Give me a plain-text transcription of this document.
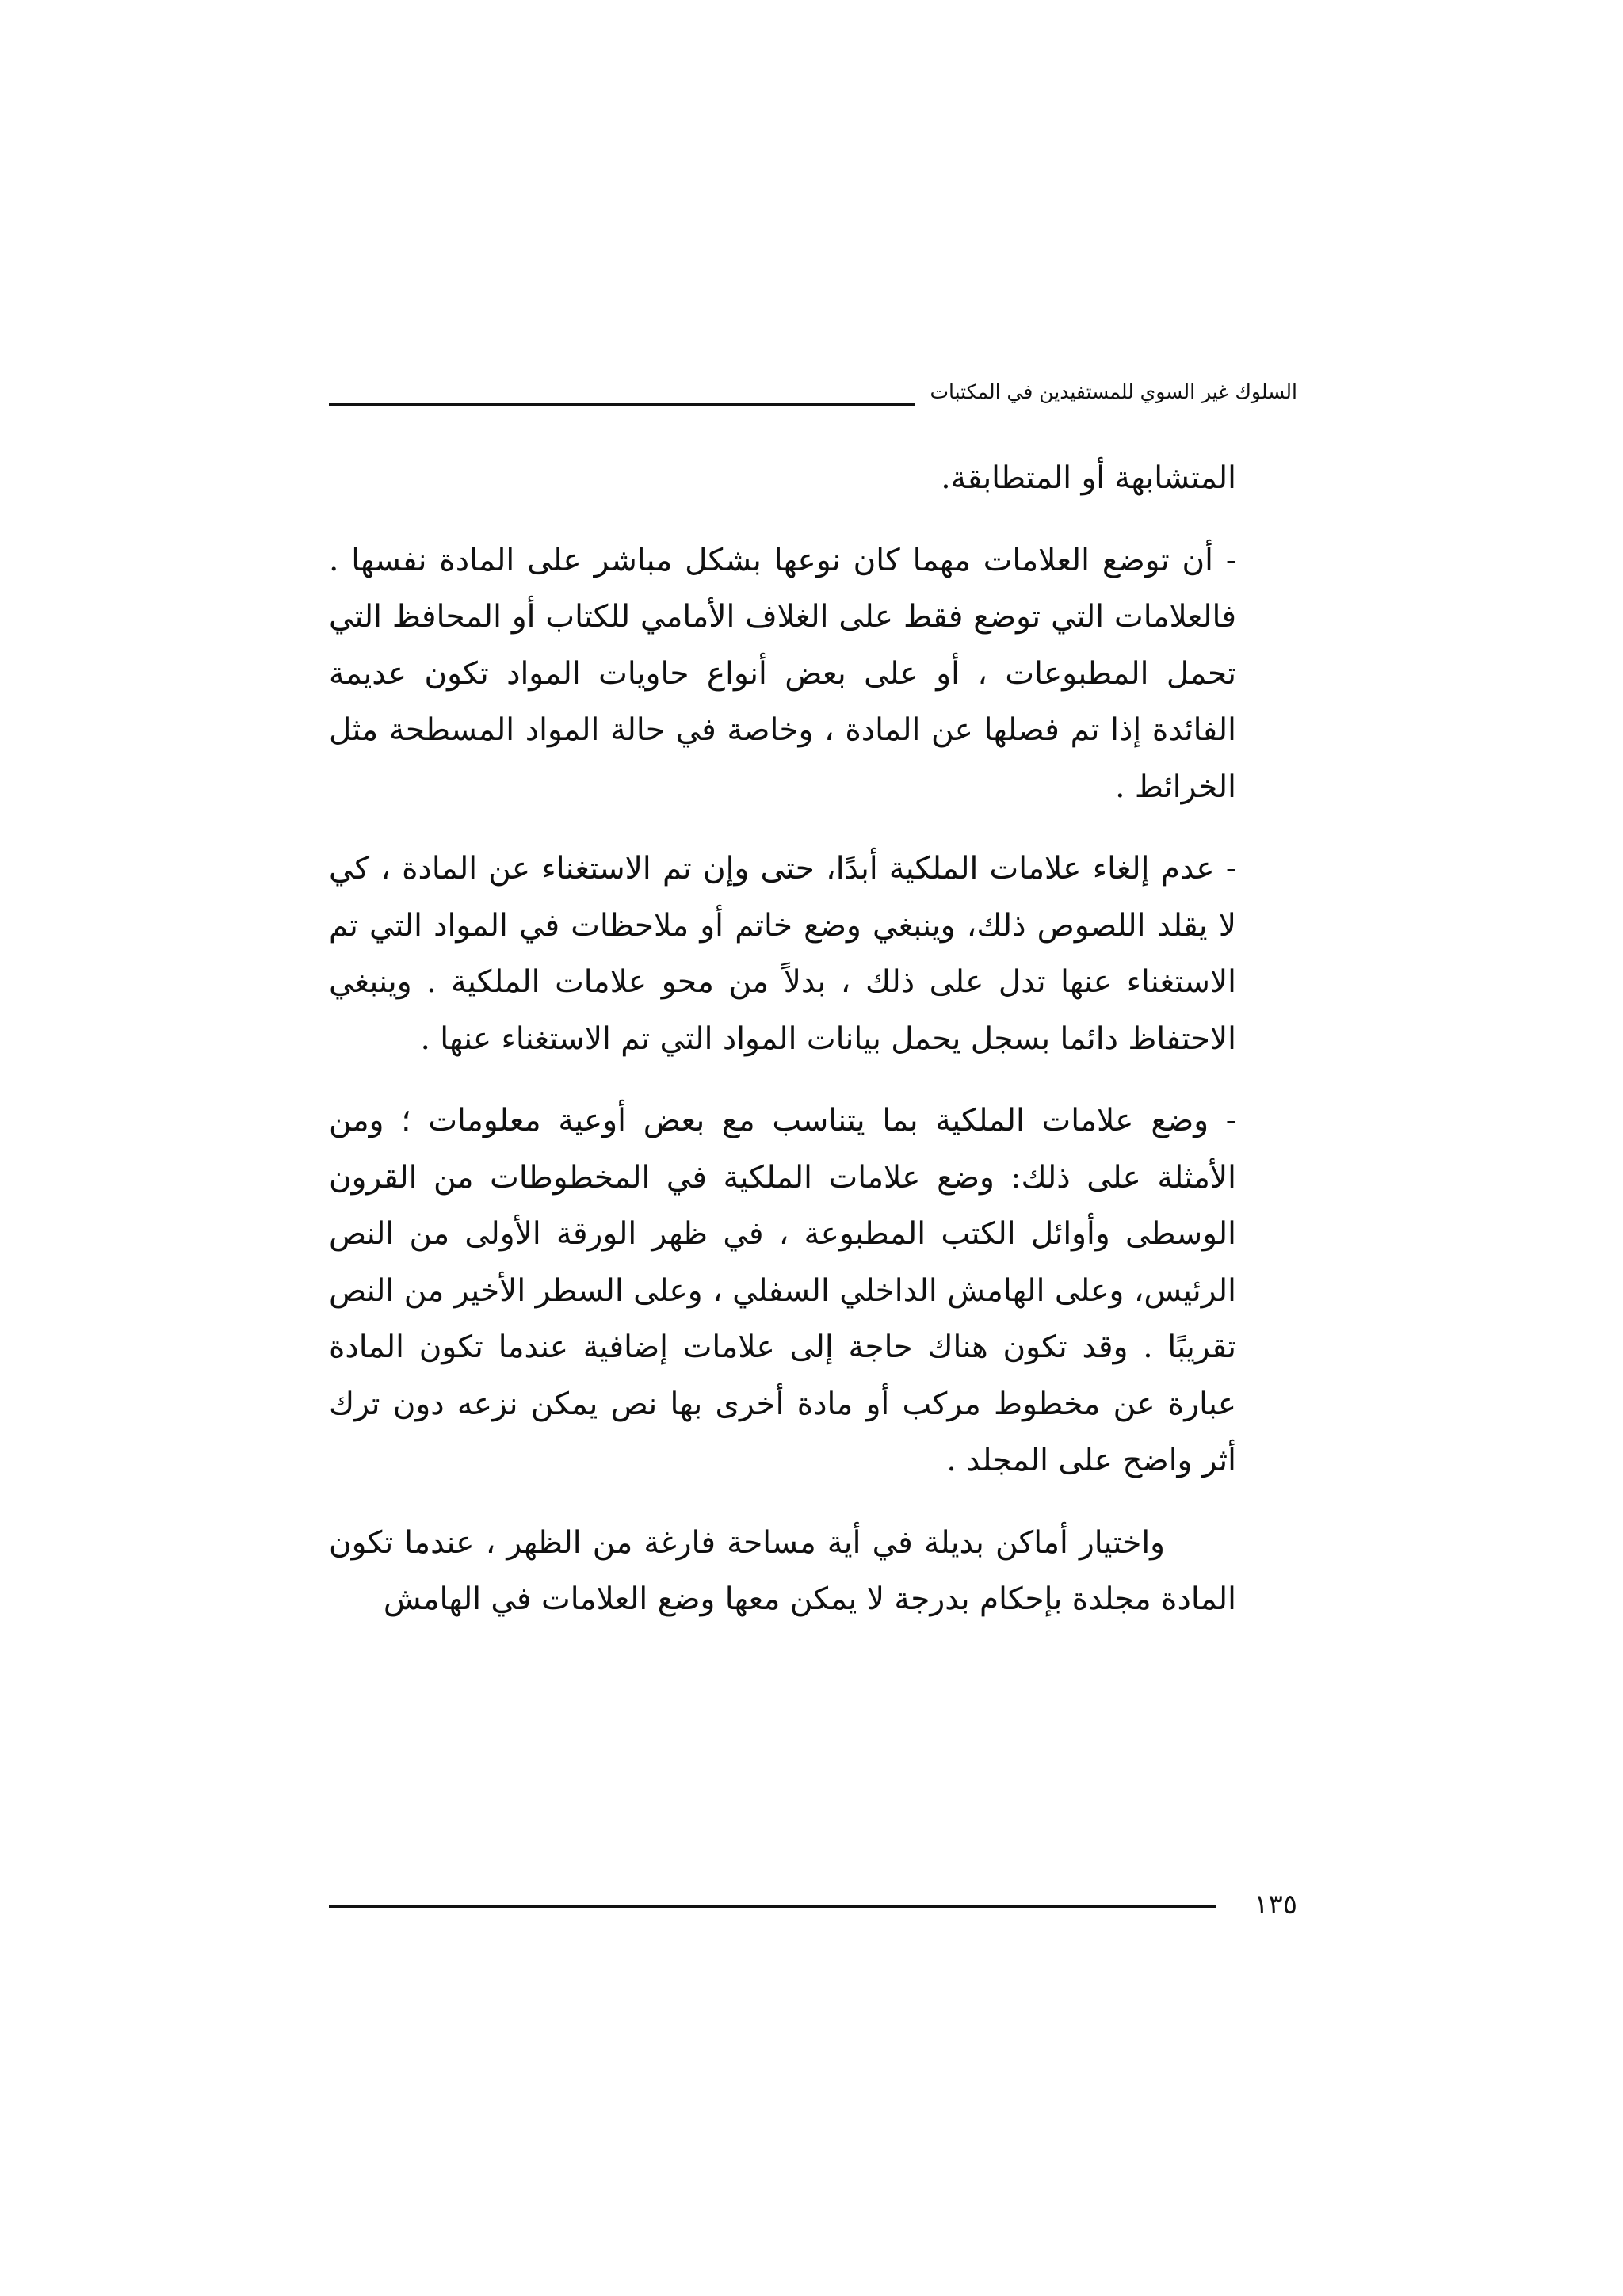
السلوك غير السوي للمستفيدين في المكتبات

المتشابهة أو المتطابقة.

- أن توضع العلامات مهما كان نوعها بشكل مباشر على المادة نفسها . فالعلامات التي توضع فقط على الغلاف الأمامي للكتاب أو المحافظ التي تحمل المطبوعات ، أو على بعض أنواع حاويات المواد تكون عديمة الفائدة إذا تم فصلها عن المادة ، وخاصة في حالة المواد المسطحة مثل الخرائط .

- عدم إلغاء علامات الملكية أبدًا، حتى وإن تم الاستغناء عن المادة ، كي لا يقلد اللصوص ذلك، وينبغي وضع خاتم أو ملاحظات في المواد التي تم الاستغناء عنها تدل على ذلك ، بدلاً من محو علامات الملكية . وينبغي الاحتفاظ دائما بسجل يحمل بيانات المواد التي تم الاستغناء عنها .

- وضع علامات الملكية بما يتناسب مع بعض أوعية معلومات ؛ ومن الأمثلة على ذلك: وضع علامات الملكية في المخطوطات من القرون الوسطى وأوائل الكتب المطبوعة ، في ظهر الورقة الأولى من النص الرئيس، وعلى الهامش الداخلي السفلي ، وعلى السطر الأخير من النص تقريبًا . وقد تكون هناك حاجة إلى علامات إضافية عندما تكون المادة عبارة عن مخطوط مركب أو مادة أخرى بها نص يمكن نزعه دون ترك أثر واضح على المجلد .

واختيار أماكن بديلة في أية مساحة فارغة من الظهر ، عندما تكون المادة مجلدة بإحكام بدرجة لا يمكن معها وضع العلامات في الهامش

١٣٥
